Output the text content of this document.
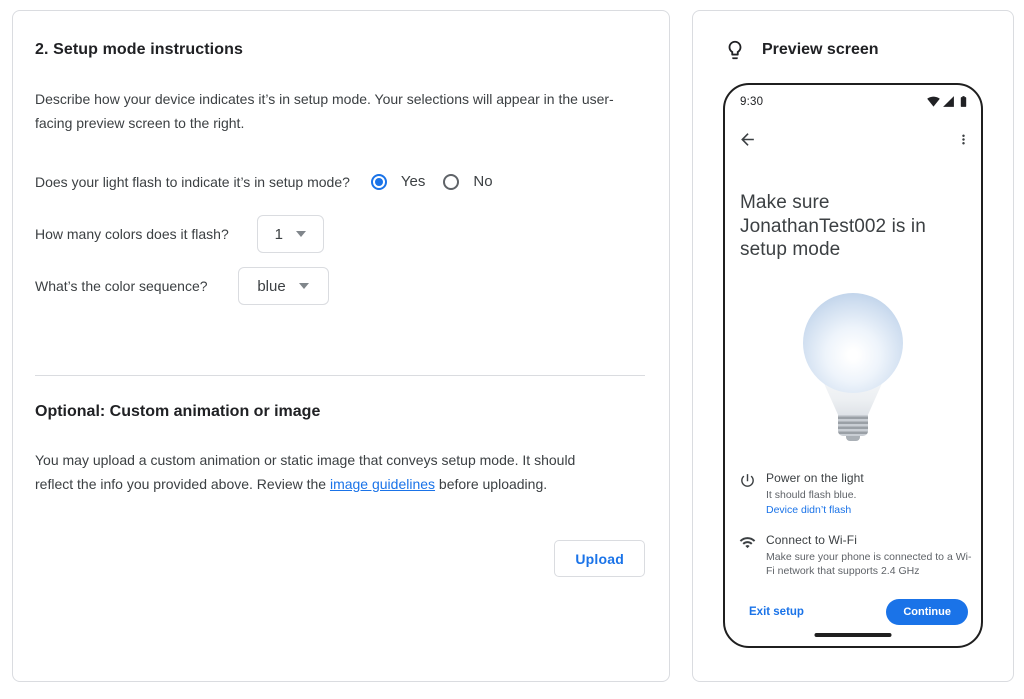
2. Setup mode instructions

Describe how your device indicates it’s in setup mode. Your selections will appear in the user-facing preview screen to the right.

Does your light flash to indicate it’s in setup mode?	Yes	No
How many colors does it flash?	1
What’s the color sequence?	blue
Optional: Custom animation or image

You may upload a custom animation or static image that conveys setup mode. It should reflect the info you provided above. Review the image guidelines before uploading.

Upload
Preview screen
9:30
Make sure JonathanTest002 is in setup mode
Power on the light
It should flash blue.
Device didn’t flash
Connect to Wi-Fi
Make sure your phone is connected to a Wi-Fi network that supports 2.4 GHz
Exit setup	Continue
